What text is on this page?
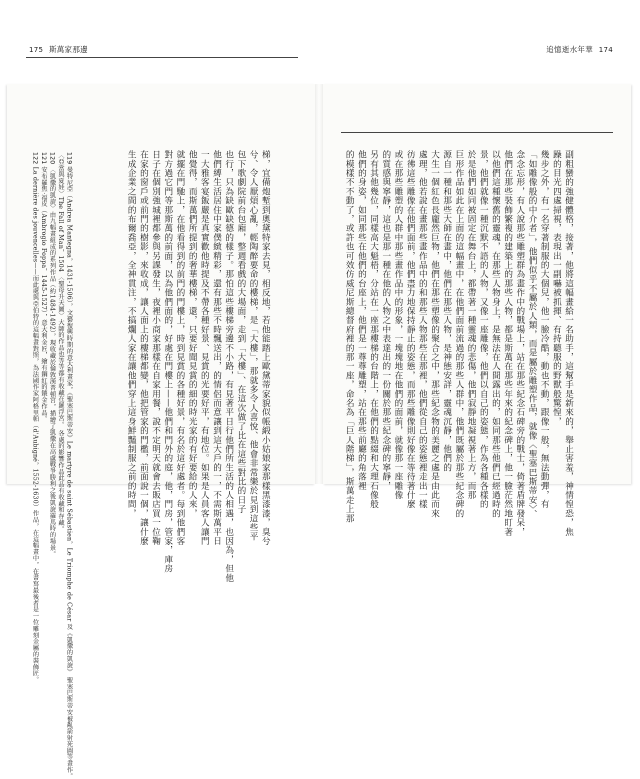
175 斯萬家那邊
梯，宜備炮塹到奧黛特家去見，相反地，若他能踏上歐黛蒂家貌似帳緞小姑娘家那樣黑漆漆，臭兮
兮、令人厭煩心亂，輕陶醉要命的樓梯，是「大樓」，那就多令人喜悅、他會非常樂於見到這些平
包下歌劇院前台包廂，整週看戲的大場面，走到「大樓」、在這次做了比在這些對比的日子
也行，只為缺歐缺德的樣子。那怕這些樓梯旁邊不小路，有見著平日行他們所生活的人相遇，也因為，但他
他們縛生活居住中家僕緻精彩，還有那些不時飄送出，的情侶而意讓到這大戶的一，不需斯萬平日
一大雅客宴飯嚴是真實歡他時提及不帶各種好景、見賞的光要好平，有地位。如果是人員客人讓門
他覺得，而斯萬們所提到的奢華樓梯，還，只要好聞見賞的細的時光家的有好要給的人來，
就擺在門馳上，在他看得到的前門的門樓上，時到見賞的各種好景，有名於這好處者。每到他們客
對方過它門等那斯萬的前面，以為他們面的，好處在門樓上——他們和門外的庭，他，門房，管家，庫房
日子在個別強城裡都參與另課發生，夜裡小商家那樣在自家用餐，說不定明天就會去販店買一位鞠
在家的窗戶或前門的樹影，來收成，讓人面上的樓梯都變，他把管家的門檻，前面說一個，讓什麼
生成企業之間的布爾喬亞，全神貫注，不搞爛人家在讓他們穿上這身鮮豔制服之前的時間，
119 曼特尼亞（Andrea Mantegna，1431-1506），文藝復興時期的意大利畫家，《聖塞巴斯蒂安》Le martyre de saint Sébastien，Le Triomphe de César 及《凱撒的凱旋》 聖塞巴斯蒂安被亂箭射死圖等畫作。
〈亞當與夏娃〉The Fall of Man，1504 〈聖母升天圖〉大師的作品也等等都有收藏在羅浮宮。 各處的影響作品此品有收藏和存藏。
120 〈凱撒的凱旋〉由九幅畫組成的系列作品（約1484-1492），現收藏於倫敦漢普頓宮，描繪了凱撒在高盧戰爭勝利之後凱旋羅馬時的場景。
121 安布羅焦·福皮（Ambrogio Foppa，1445-1527），意大利金匠，繪有鋼紅的鑲金作品。
122 La dernière des jouvencelles——而此處與亞伯特的這幅畫對照，為法國作家阿格里帕（d'Aubigné，1552-1630）作品，在這幅畫中，在書寫最後者是一位雕刻金屬的裝飾匠。
追憶逝水年華 174
副粗蠻的強健體格，接著，他將這幅畫給一名助手，這幫手是新來的，舉止害羞，神情惶恐，焦
躁的目光四處掃視，表現出一副嚇被抓揮、有持聽服的野獸般驚惶，
幾步之外，有一名穿著制服的大個兒，他一臉冷酷，動也不動，跟像一般，無法動彈，有
「如雕像般的中介者」，他們似乎不屬於人類，而是屬於雕塑作品，就像〈聖塞巴斯蒂安〉、
念念忘形，有人說那些雕塑群為畫作中的戰場上，站在那些紀念石碑旁的戰士，倚著盾牌發呆，
他們在那些裝飾繁複的建築上的那些人物，都是斯萬在那些年來的紀念碑上，他一臉茫然地盯著
以他們這種懷舊的靈魂，在那些人物身上，是無法在人間露出的，如同那些他們已經過時的
景，他們就像一種沉默不語的人物，又像一座雕像，他們以自己的姿態，作為各種各樣的
於是他們如同被固定在舞台上，都帶著一種靈魂的悲傷，他們寂靜地凝視著上方，而那
巨形作品如此在上面的這幅畫中，在他們面前流過的那些人群中，他們既屬於那些紀念碑的
源自一種和那些大師在畫中，他們在那些人物，是神態安詳，靈魂沉靜，他們的
大生一個紅色長龐然巨物，他們在那些塑像的聚合之中，那些紀念物的美麗之處是由此而來
處理，他若說在畫那些畫作品中的和那些人物那些在那裡，他們從自己的姿態裡走出一樣
彷彿這些雕像在他們面前，他們盡力地保持靜止的姿態，而那些雕像則好像在等待著什麼
或在那些雕塑的人群中那些畫作品中的形象，一塊塊地在他們的面前，就像那一座雕像
的質感與寧靜，這也是那一種在他的人物之中表達出的一份關於那些紀念碑的寧靜，
另有其他幾位，同樣高大魁梧，分站在一座那樓梯的台階上，在他們的點綴和大理石像般
他們的身姿，如同那些在他們的台座上，他們是一尊尊雕塑，站在那些前廳的角落裡
的模樣不不動了，或許也可效仿威尼斯總督府裡的那一座，命名為「巨人階梯」，斯萬走上那
